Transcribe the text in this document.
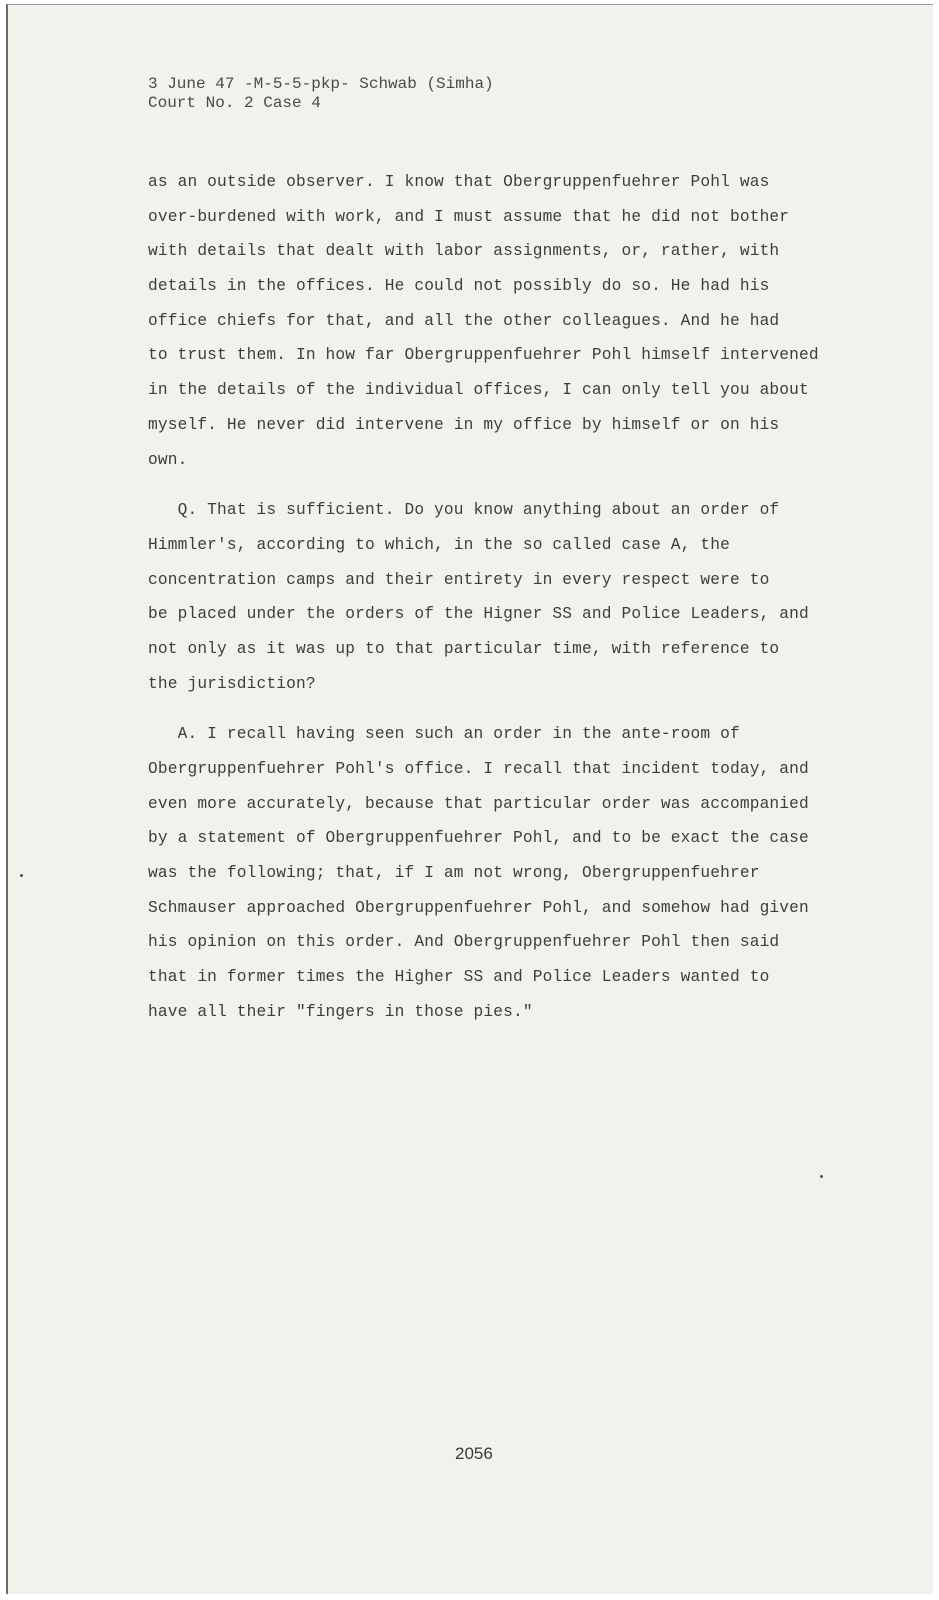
3 June 47 -M-5-5-pkp- Schwab (Simha)
Court No. 2 Case 4
as an outside observer. I know that Obergruppenfuehrer Pohl was
over-burdened with work, and I must assume that he did not bother
with details that dealt with labor assignments, or, rather, with
details in the offices. He could not possibly do so. He had his
office chiefs for that, and all the other colleagues. And he had
to trust them. In how far Obergruppenfuehrer Pohl himself intervened
in the details of the individual offices, I can only tell you about
myself. He never did intervene in my office by himself or on his
own.
Q. That is sufficient. Do you know anything about an order of
Himmler's, according to which, in the so called case A, the
concentration camps and their entirety in every respect were to
be placed under the orders of the Higner SS and Police Leaders, and
not only as it was up to that particular time, with reference to
the jurisdiction?
A. I recall having seen such an order in the ante-room of
Obergruppenfuehrer Pohl's office. I recall that incident today, and
even more accurately, because that particular order was accompanied
by a statement of Obergruppenfuehrer Pohl, and to be exact the case
was the following; that, if I am not wrong, Obergruppenfuehrer
Schmauser approached Obergruppenfuehrer Pohl, and somehow had given
his opinion on this order. And Obergruppenfuehrer Pohl then said
that in former times the Higher SS and Police Leaders wanted to
have all their "fingers in those pies."
2056
